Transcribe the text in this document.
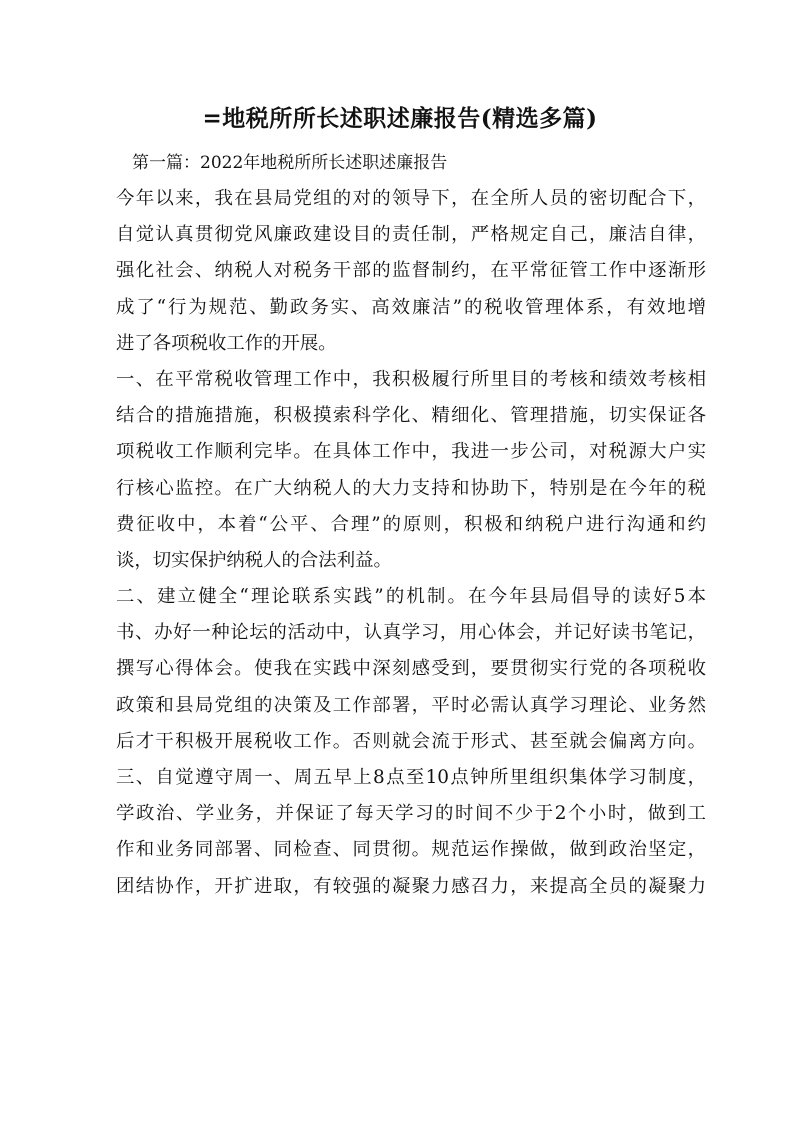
=地税所所长述职述廉报告(精选多篇)
第一篇：2022年地税所所长述职述廉报告
今年以来，我在县局党组的对的领导下，在全所人员的密切配合下，
自觉认真贯彻党风廉政建设目的责任制，严格规定自己，廉洁自律，
强化社会、纳税人对税务干部的监督制约，在平常征管工作中逐渐形
成了“行为规范、勤政务实、高效廉洁”的税收管理体系，有效地增
进了各项税收工作的开展。
一、在平常税收管理工作中，我积极履行所里目的考核和绩效考核相
结合的措施措施，积极摸索科学化、精细化、管理措施，切实保证各
项税收工作顺利完毕。在具体工作中，我进一步公司，对税源大户实
行核心监控。在广大纳税人的大力支持和协助下，特别是在今年的税
费征收中，本着“公平、合理”的原则，积极和纳税户进行沟通和约
谈，切实保护纳税人的合法利益。
二、建立健全“理论联系实践”的机制。在今年县局倡导的读好5本
书、办好一种论坛的活动中，认真学习，用心体会，并记好读书笔记，
撰写心得体会。使我在实践中深刻感受到，要贯彻实行党的各项税收
政策和县局党组的决策及工作部署，平时必需认真学习理论、业务然
后才干积极开展税收工作。否则就会流于形式、甚至就会偏离方向。
三、自觉遵守周一、周五早上8点至10点钟所里组织集体学习制度，
学政治、学业务，并保证了每天学习的时间不少于2个小时，做到工
作和业务同部署、同检查、同贯彻。规范运作操做，做到政治坚定，
团结协作，开扩进取，有较强的凝聚力感召力，来提高全员的凝聚力
